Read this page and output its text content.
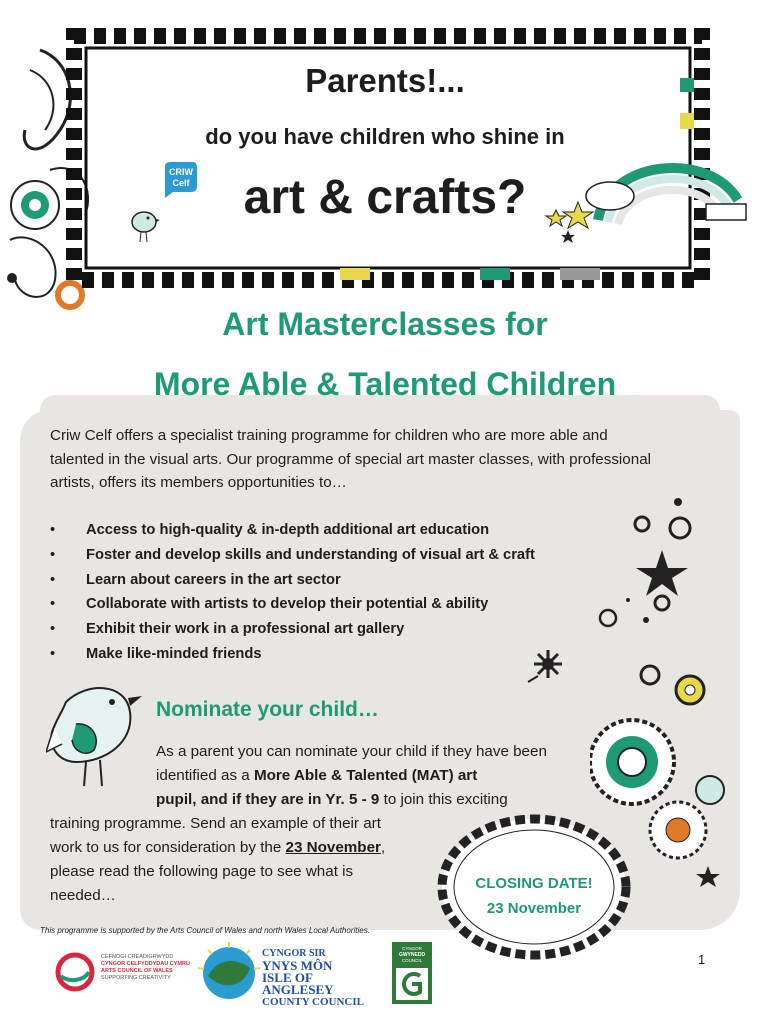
Parents!...
do you have children who shine in
art & crafts?
CRIW
Celf
Art Masterclasses for
More Able & Talented Children
Criw Celf offers a specialist training programme for children who are more able and
talented in the visual arts. Our programme of special art master classes, with professional
artists, offers its members opportunities to…
• Access to high-quality & in-depth additional art education
• Foster and develop skills and understanding of visual art & craft
• Learn about careers in the art sector
• Collaborate with artists to develop their potential & ability
• Exhibit their work in a professional art gallery
• Make like-minded friends
Nominate your child…
As a parent you can nominate your child if they have been
identified as a More Able & Talented (MAT) art
pupil, and if they are in Yr. 5 - 9 to join this exciting
training programme. Send an example of their art
work to us for consideration by the 23 November,
please read the following page to see what is
needed…
CLOSING DATE!
23 November
This programme is supported by the Arts Council of Wales and north Wales Local Authorities.
CEFNOGI CREADIGRWYDD
CYNGOR CELFYDDYDAU CYMRU
ARTS COUNCIL OF WALES
SUPPORTING CREATIVITY
CYNGOR SIR
YNYS MÔN
ISLE OF ANGLESEY
COUNTY COUNCIL
CYNGOR
GWYNEDD
COUNCIL	1
